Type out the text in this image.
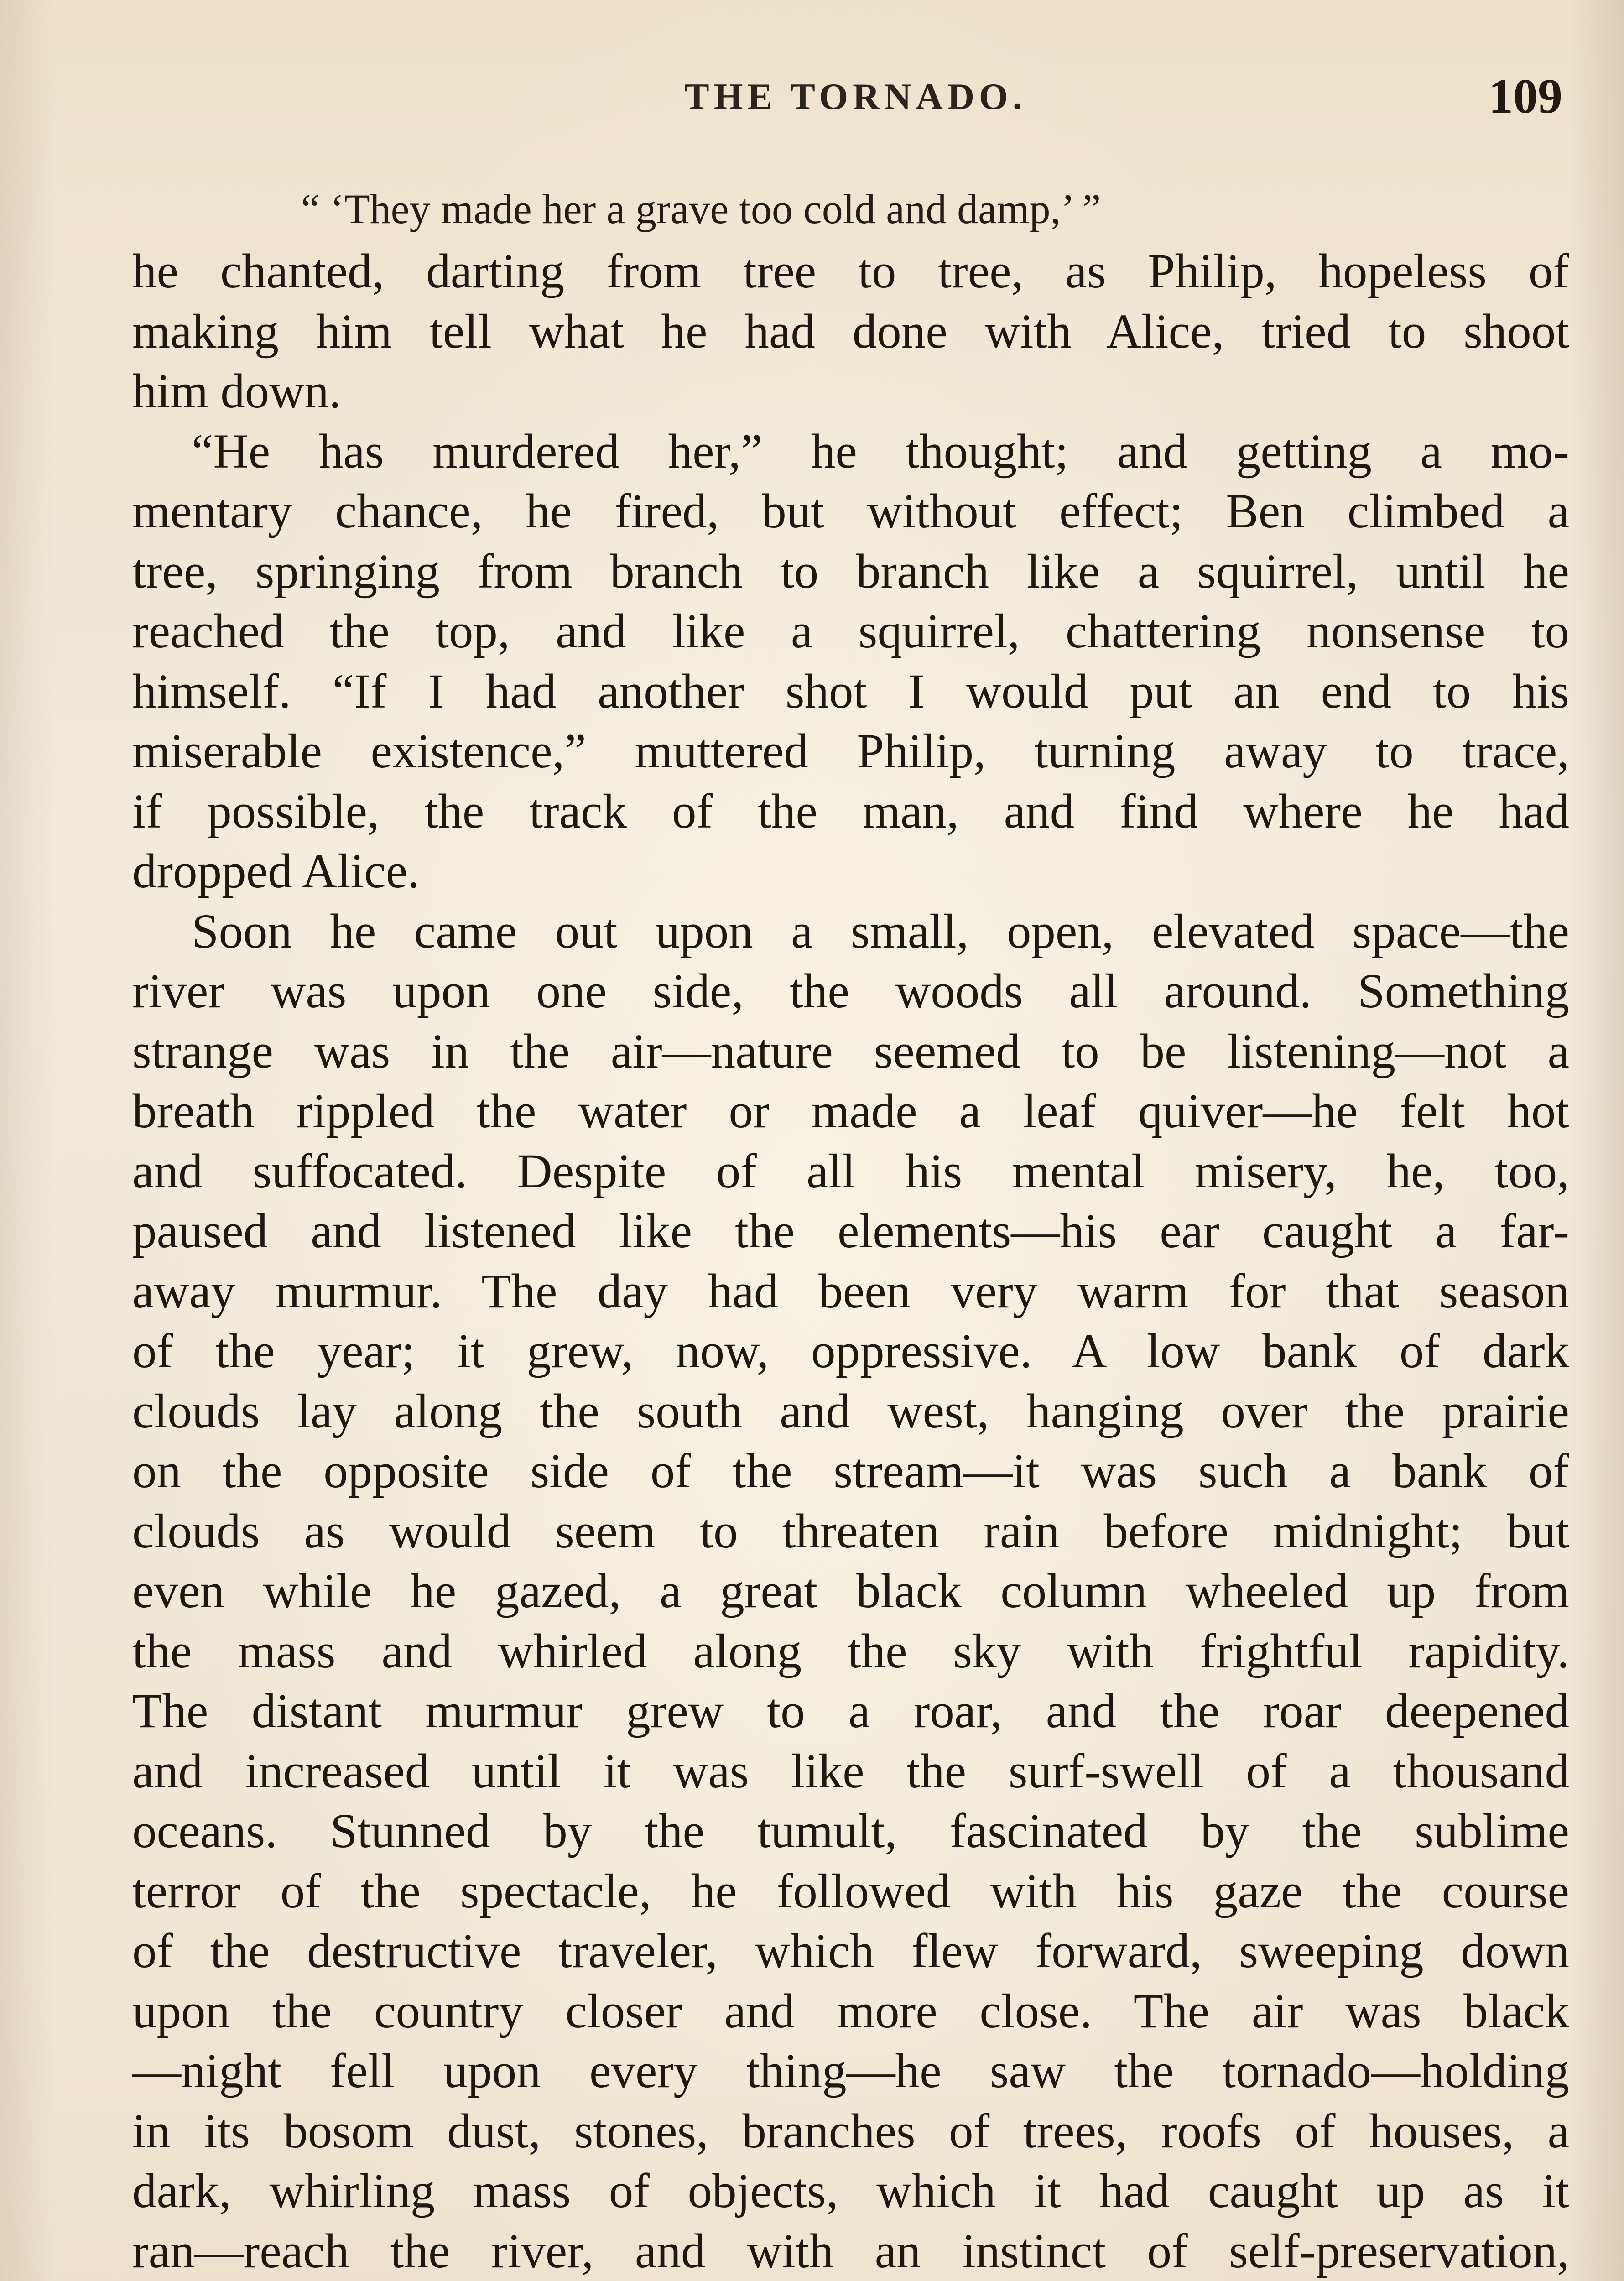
THE TORNADO.	109
“ ‘They made her a grave too cold and damp,’ ”
he chanted, darting from tree to tree, as Philip, hopeless of
making him tell what he had done with Alice, tried to shoot
him down.
“He has murdered her,” he thought; and getting a mo-
mentary chance, he fired, but without effect; Ben climbed a
tree, springing from branch to branch like a squirrel, until he
reached the top, and like a squirrel, chattering nonsense to
himself. “If I had another shot I would put an end to his
miserable existence,” muttered Philip, turning away to trace,
if possible, the track of the man, and find where he had
dropped Alice.
Soon he came out upon a small, open, elevated space—the
river was upon one side, the woods all around. Something
strange was in the air—nature seemed to be listening—not a
breath rippled the water or made a leaf quiver—he felt hot
and suffocated. Despite of all his mental misery, he, too,
paused and listened like the elements—his ear caught a far-
away murmur. The day had been very warm for that season
of the year; it grew, now, oppressive. A low bank of dark
clouds lay along the south and west, hanging over the prairie
on the opposite side of the stream—it was such a bank of
clouds as would seem to threaten rain before midnight; but
even while he gazed, a great black column wheeled up from
the mass and whirled along the sky with frightful rapidity.
The distant murmur grew to a roar, and the roar deepened
and increased until it was like the surf-swell of a thousand
oceans. Stunned by the tumult, fascinated by the sublime
terror of the spectacle, he followed with his gaze the course
of the destructive traveler, which flew forward, sweeping down
upon the country closer and more close. The air was black
—night fell upon every thing—he saw the tornado—holding
in its bosom dust, stones, branches of trees, roofs of houses, a
dark, whirling mass of objects, which it had caught up as it
ran—reach the river, and with an instinct of self-preservation,
